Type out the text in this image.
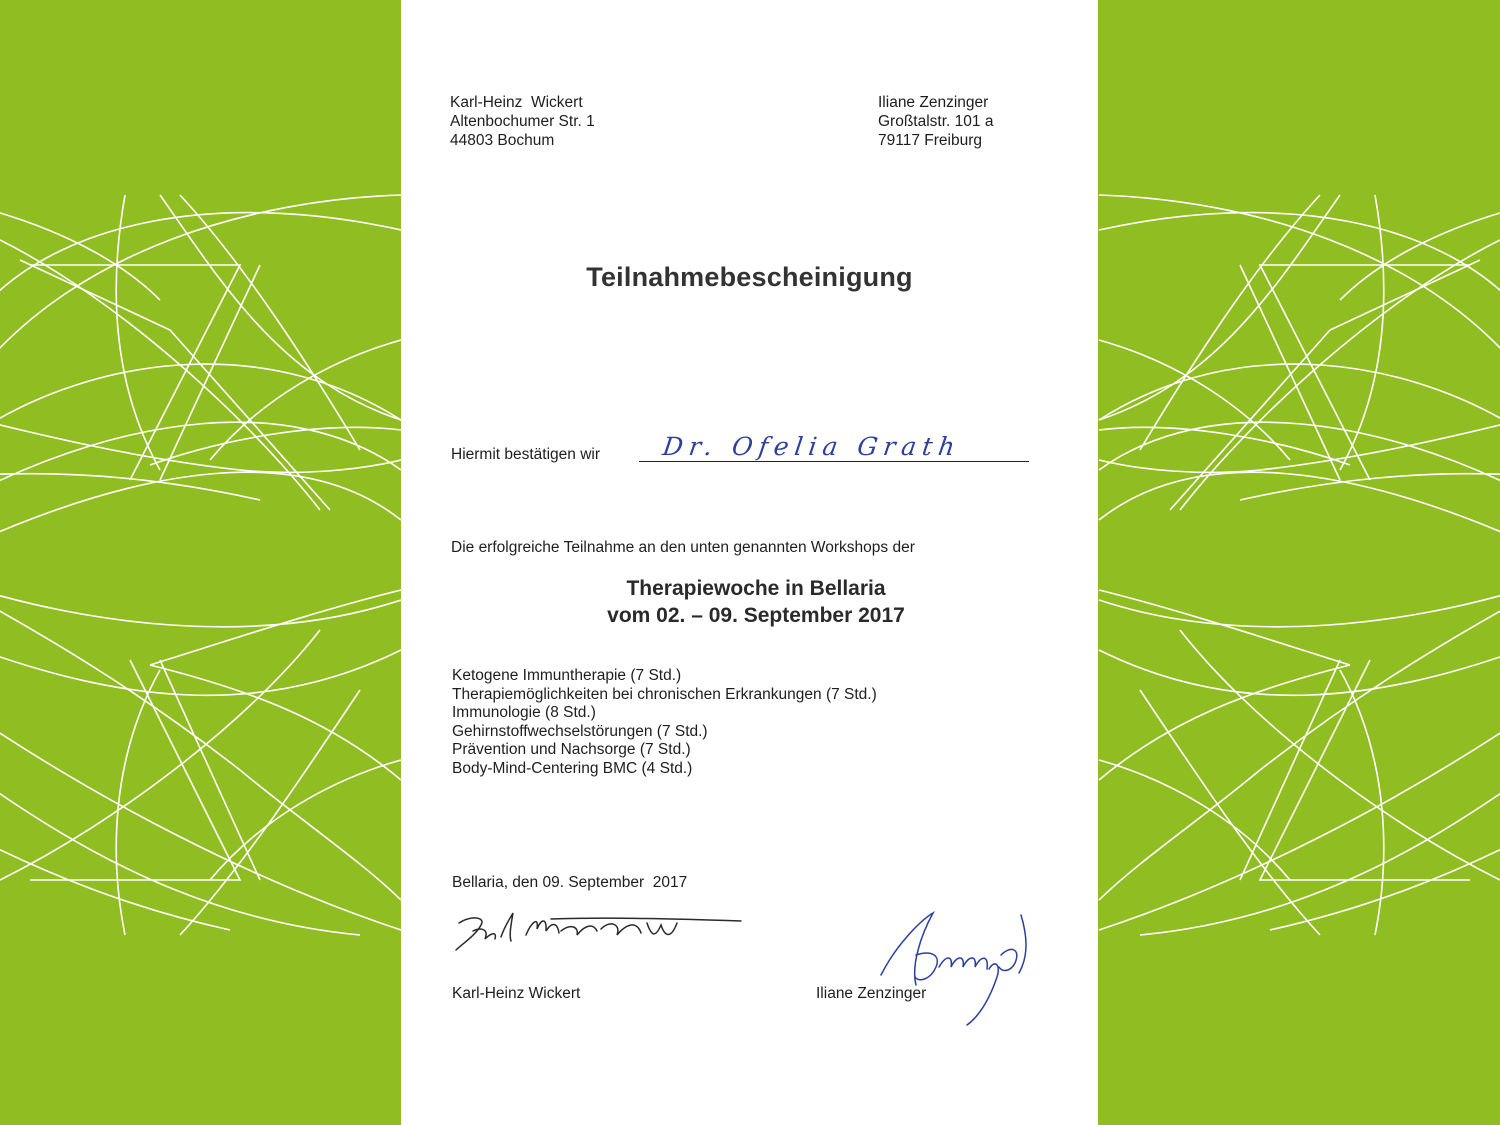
Karl-Heinz  Wickert
Altenbochumer Str. 1
44803 Bochum
Iliane Zenzinger
Großtalstr. 101 a
79117 Freiburg
Teilnahmebescheinigung
Hiermit bestätigen wir Dr. Ofelia Grath
Die erfolgreiche Teilnahme an den unten genannten Workshops der
Therapiewoche in Bellaria
vom 02. – 09. September 2017
Ketogene Immuntherapie (7 Std.)
Therapiemöglichkeiten bei chronischen Erkrankungen (7 Std.)
Immunologie (8 Std.)
Gehirnstoffwechselstörungen (7 Std.)
Prävention und Nachsorge (7 Std.)
Body-Mind-Centering BMC (4 Std.)
Bellaria, den 09. September  2017
Karl-Heinz Wickert	Iliane Zenzinger
